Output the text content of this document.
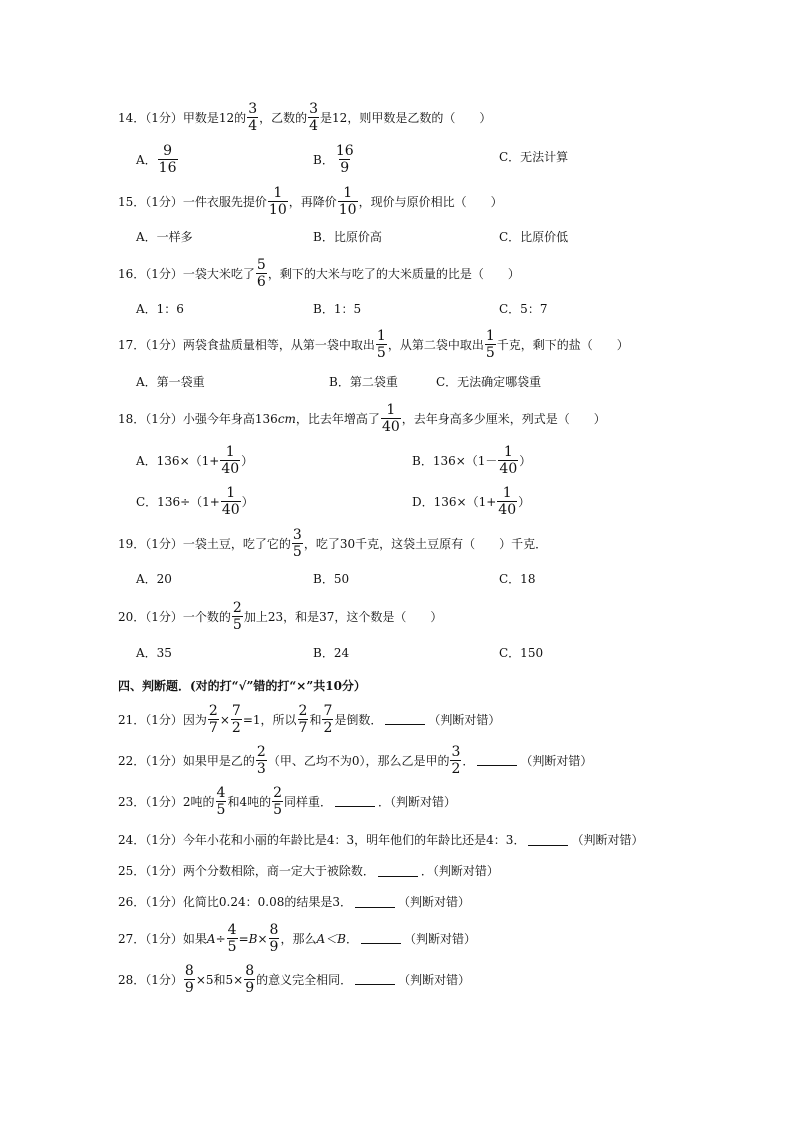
14．（1分）甲数是12的 $\frac{3}{4}$ ，乙数的 $\frac{3}{4}$ 是12，则甲数是乙数的（　　）
A． $\frac{9}{16}$	B． $\frac{16}{9}$	C．无法计算
15．（1分）一件衣服先提价 $\frac{1}{10}$ ，再降价 $\frac{1}{10}$ ，现价与原价相比（　　）
A．一样多	B．比原价高	C．比原价低
16．（1分）一袋大米吃了 $\frac{5}{6}$ ，剩下的大米与吃了的大米质量的比是（　　）
A．1：6	B．1：5	C．5：7
17．（1分）两袋食盐质量相等，从第一袋中取出 $\frac{1}{5}$ ，从第二袋中取出 $\frac{1}{5}$ 千克，剩下的盐（　　）
A．第一袋重	B．第二袋重	C．无法确定哪袋重
18．（1分）小强今年身高136 cm ，比去年增高了 $\frac{1}{40}$ ，去年身高多少厘米，列式是（　　）
A．$136\times(1+ \frac{1}{40}$ ）	B．$136\times(1- \frac{1}{40}$ ）
C．$136\div(1+ \frac{1}{40}$ ）	D．$136\times(1+ \frac{1}{40}$ ）
19．（1分）一袋土豆，吃了它的 $\frac{3}{5}$ ，吃了30千克，这袋土豆原有（　　）千克．
A．20	B．50	C．18
20．（1分）一个数的 $\frac{2}{5}$ 加上23，和是37，这个数是（　　）
A．35	B．24	C．150
四、判断题．(对的打“√”错的打“×”共10分）
21．（1分）因为 $\frac{2}{7} \times \frac{7}{2} =1$，所以 $\frac{2}{7}$ 和 $\frac{7}{2}$ 是倒数．	（判断对错）
22．（1分）如果甲是乙的 $\frac{2}{3}$ （甲、乙均不为0），那么乙是甲的 $\frac{3}{2}$ ．	（判断对错）
23．（1分）2吨的 $\frac{4}{5}$ 和4吨的 $\frac{2}{5}$ 同样重．	．（判断对错）
24．（1分）今年小花和小丽的年龄比是4：3，明年他们的年龄比还是4：3．	（判断对错）
25．（1分）两个分数相除，商一定大于被除数．	．（判断对错）
26．（1分）化简比0.24：0.08的结果是3．	（判断对错）
27．（1分）如果 $A \div \frac{4}{5} = B \times \frac{8}{9}$ ，那么 A＜B ．	（判断对错）
28．（1分） $\frac{8}{9} \times 5$和$5\times \frac{8}{9}$ 的意义完全相同．	（判断对错）
